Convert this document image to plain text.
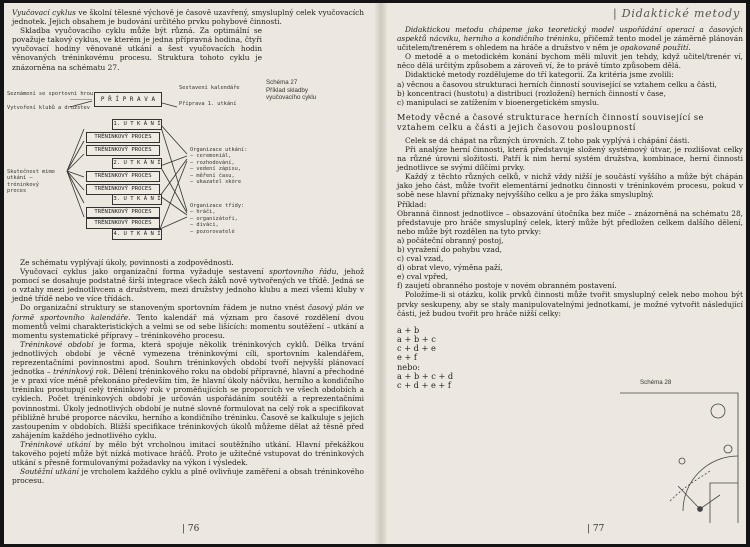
Vyučovací cyklus ve školní tělesné výchově je časově uzavřený, smysluplný celek vyučovacích jednotek. Jejich obsahem je budování určitého prvku pohybové činnosti.

Skladba vyučovacího cyklu může být různá. Za optimální se považuje takový cyklus, ve kterém je jedna přípravná hodina, čtyři vyučovací hodiny věnované utkání a šest vyučovacích hodin věnovaných tréninkovému procesu. Struktura tohoto cyklu je znázorněna na schématu 27.

Schéma 27
Příklad skladby vyučovacího cyklu
Seznámení se sportovní hrou
Vytvoření klubů a družstev
P Ř Í P R A V A
Sestavení kalendáře
Příprava 1. utkání
1. U T K Á N Í
TRÉNINKOVÝ PROCES
TRÉNINKOVÝ PROCES
2. U T K Á N Í
TRÉNINKOVÝ PROCES
TRÉNINKOVÝ PROCES
3. U T K Á N Í
TRÉNINKOVÝ PROCES
TRÉNINKOVÝ PROCES
4. U T K Á N Í
Skutečnost mimo
utkání –
tréninkový
proces
Organizace utkání:
– ceremoniál,
– rozhodování,
– vedení zápisu,
– měření času,
– ukazatel skóre
Organizace třídy:
– hráči,
– organizátoři,
– diváci,
– pozorovatelé

Ze schématu vyplývají úkoly, povinnosti a zodpovědnosti.

Vyučovací cyklus jako organizační forma vyžaduje sestavení sportovního řádu, jehož pomocí se dosahuje podstatně širší integrace všech žáků nově vytvořených ve třídě. Jedná se o vztahy mezi jednotlivcem a družstvem, mezi družstvy jednoho klubu a mezi všemi kluby v jedné třídě nebo ve více třídách.

Do organizační struktury se stanoveným sportovním řádem je nutno vnést časový plán ve formě sportovního kalendáře. Tento kalendář má význam pro časové rozdělení dvou momentů velmi charakteristických a velmi se od sebe lišících: momentu soutěžení – utkání a momentu systematické přípravy – tréninkového procesu.

Tréninkové období je forma, která spojuje několik tréninkových cyklů. Délka trvání jednotlivých období je věcně vymezena tréninkovými cíli, sportovním kalendářem, reprezentačními povinnostmi apod. Souhrn tréninkových období tvoří nejvyšší plánovací jednotka – tréninkový rok. Dělení tréninkového roku na období přípravné, hlavní a přechodné je v praxi více méně překonáno především tím, že hlavní úkoly náčviku, herního a kondičního tréninku prostupují celý tréninkový rok v proměňujících se proporcích ve všech obdobích a cyklech. Počet tréninkových období je určován uspořádáním soutěží a reprezentačními povinnostmi. Úkoly jednotlivých období je nutné slovně formulovat na celý rok a specifikovat přibližně hrubé proporce nácviku, herního a kondičního tréninku. Časově se kalkuluje s jejich zastoupením v obdobích. Bližší specifikace tréninkových úkolů můžeme dělat až těsně před zahájením každého jednotlivého cyklu.

Tréninkové utkání by mělo být vrcholnou imitací soutěžního utkání. Hlavní překážkou takového pojetí může být nízká motivace hráčů. Proto je užitečné vstupovat do tréninkových utkání s přesně formulovanými požadavky na výkon i výsledek.

Soutěžní utkání je vrcholem každého cyklu a plně ovlivňuje zaměření a obsah tréninkového procesu.

| 76
| Didaktické metody

Didaktickou metodu chápeme jako teoretický model uspořádání operací a časových aspektů nácviku, herního a kondičního tréninku, přičemž tento model je záměrně plánován učitelem/trenérem s ohledem na hráče a družstvo v něm je opakovaně použití.

O metodě a o metodickém konání bychom měli mluvit jen tehdy, když učitel/trenér ví, něco dělá určitým způsobem a zároveň ví, že to právě tímto způsobem dělá.

Didaktické metody rozdělujeme do tří kategorií. Za kritéria jsme zvolili:

a) věcnou a časovou strukturaci herních činností související se vztahem celku a části,

b) koncentraci (hustotu) a distribuci (rozložení) herních činností v čase,

c) manipulaci se zatížením v bioenergetickém smyslu.

Metody věcné a časové strukturace herních činností související se vztahem celku a části a jejich časovou posloupností

Celek se dá chápat na různých úrovních. Z toho pak vyplývá i chápání části.

Při analýze herní činnosti, která představuje složený systémový útvar, je rozlišovat celky na různé úrovni složitosti. Patří k nim herní systém družstva, kombinace, herní činnosti jednotlivce se svými dílčími prvky.

Každý z těchto různých celků, v nichž vždy nižší je součástí vyššího a může být chápán jako jeho část, může tvořit elementární jednotku činnosti v tréninkovém procesu, pokud v sobě nese hlavní příznaky nejvyššího celku a je pro žáka smysluplný.

Příklad:

Obranná činnost jednotlivce – obsazování útočníka bez míče – znázorněná na schématu 28, představuje pro hráče smysluplný celek, který může být předložen celkem dalšího dělení, nebo může být rozdělen na tyto prvky:

a) počáteční obranný postoj,

b) vyražení do pohybu vzad,

c) cval vzad,

d) obrat vlevo, výměna paží,

e) cval vpřed,

f) zaujetí obranného postoje v novém obranném postavení.

Položíme-li si otázku, kolik prvků činnosti může tvořit smysluplný celek nebo mohou být prvky seskupeny, aby se staly manipulovatelnými jednotkami, je možné vytvořit následující části, jež budou tvořit pro hráče nižší celky:

a + b

a + b + c

c + d + e

e + f

nebo:

a + b + c + d

c + d + e + f	Schéma 28
| 77
